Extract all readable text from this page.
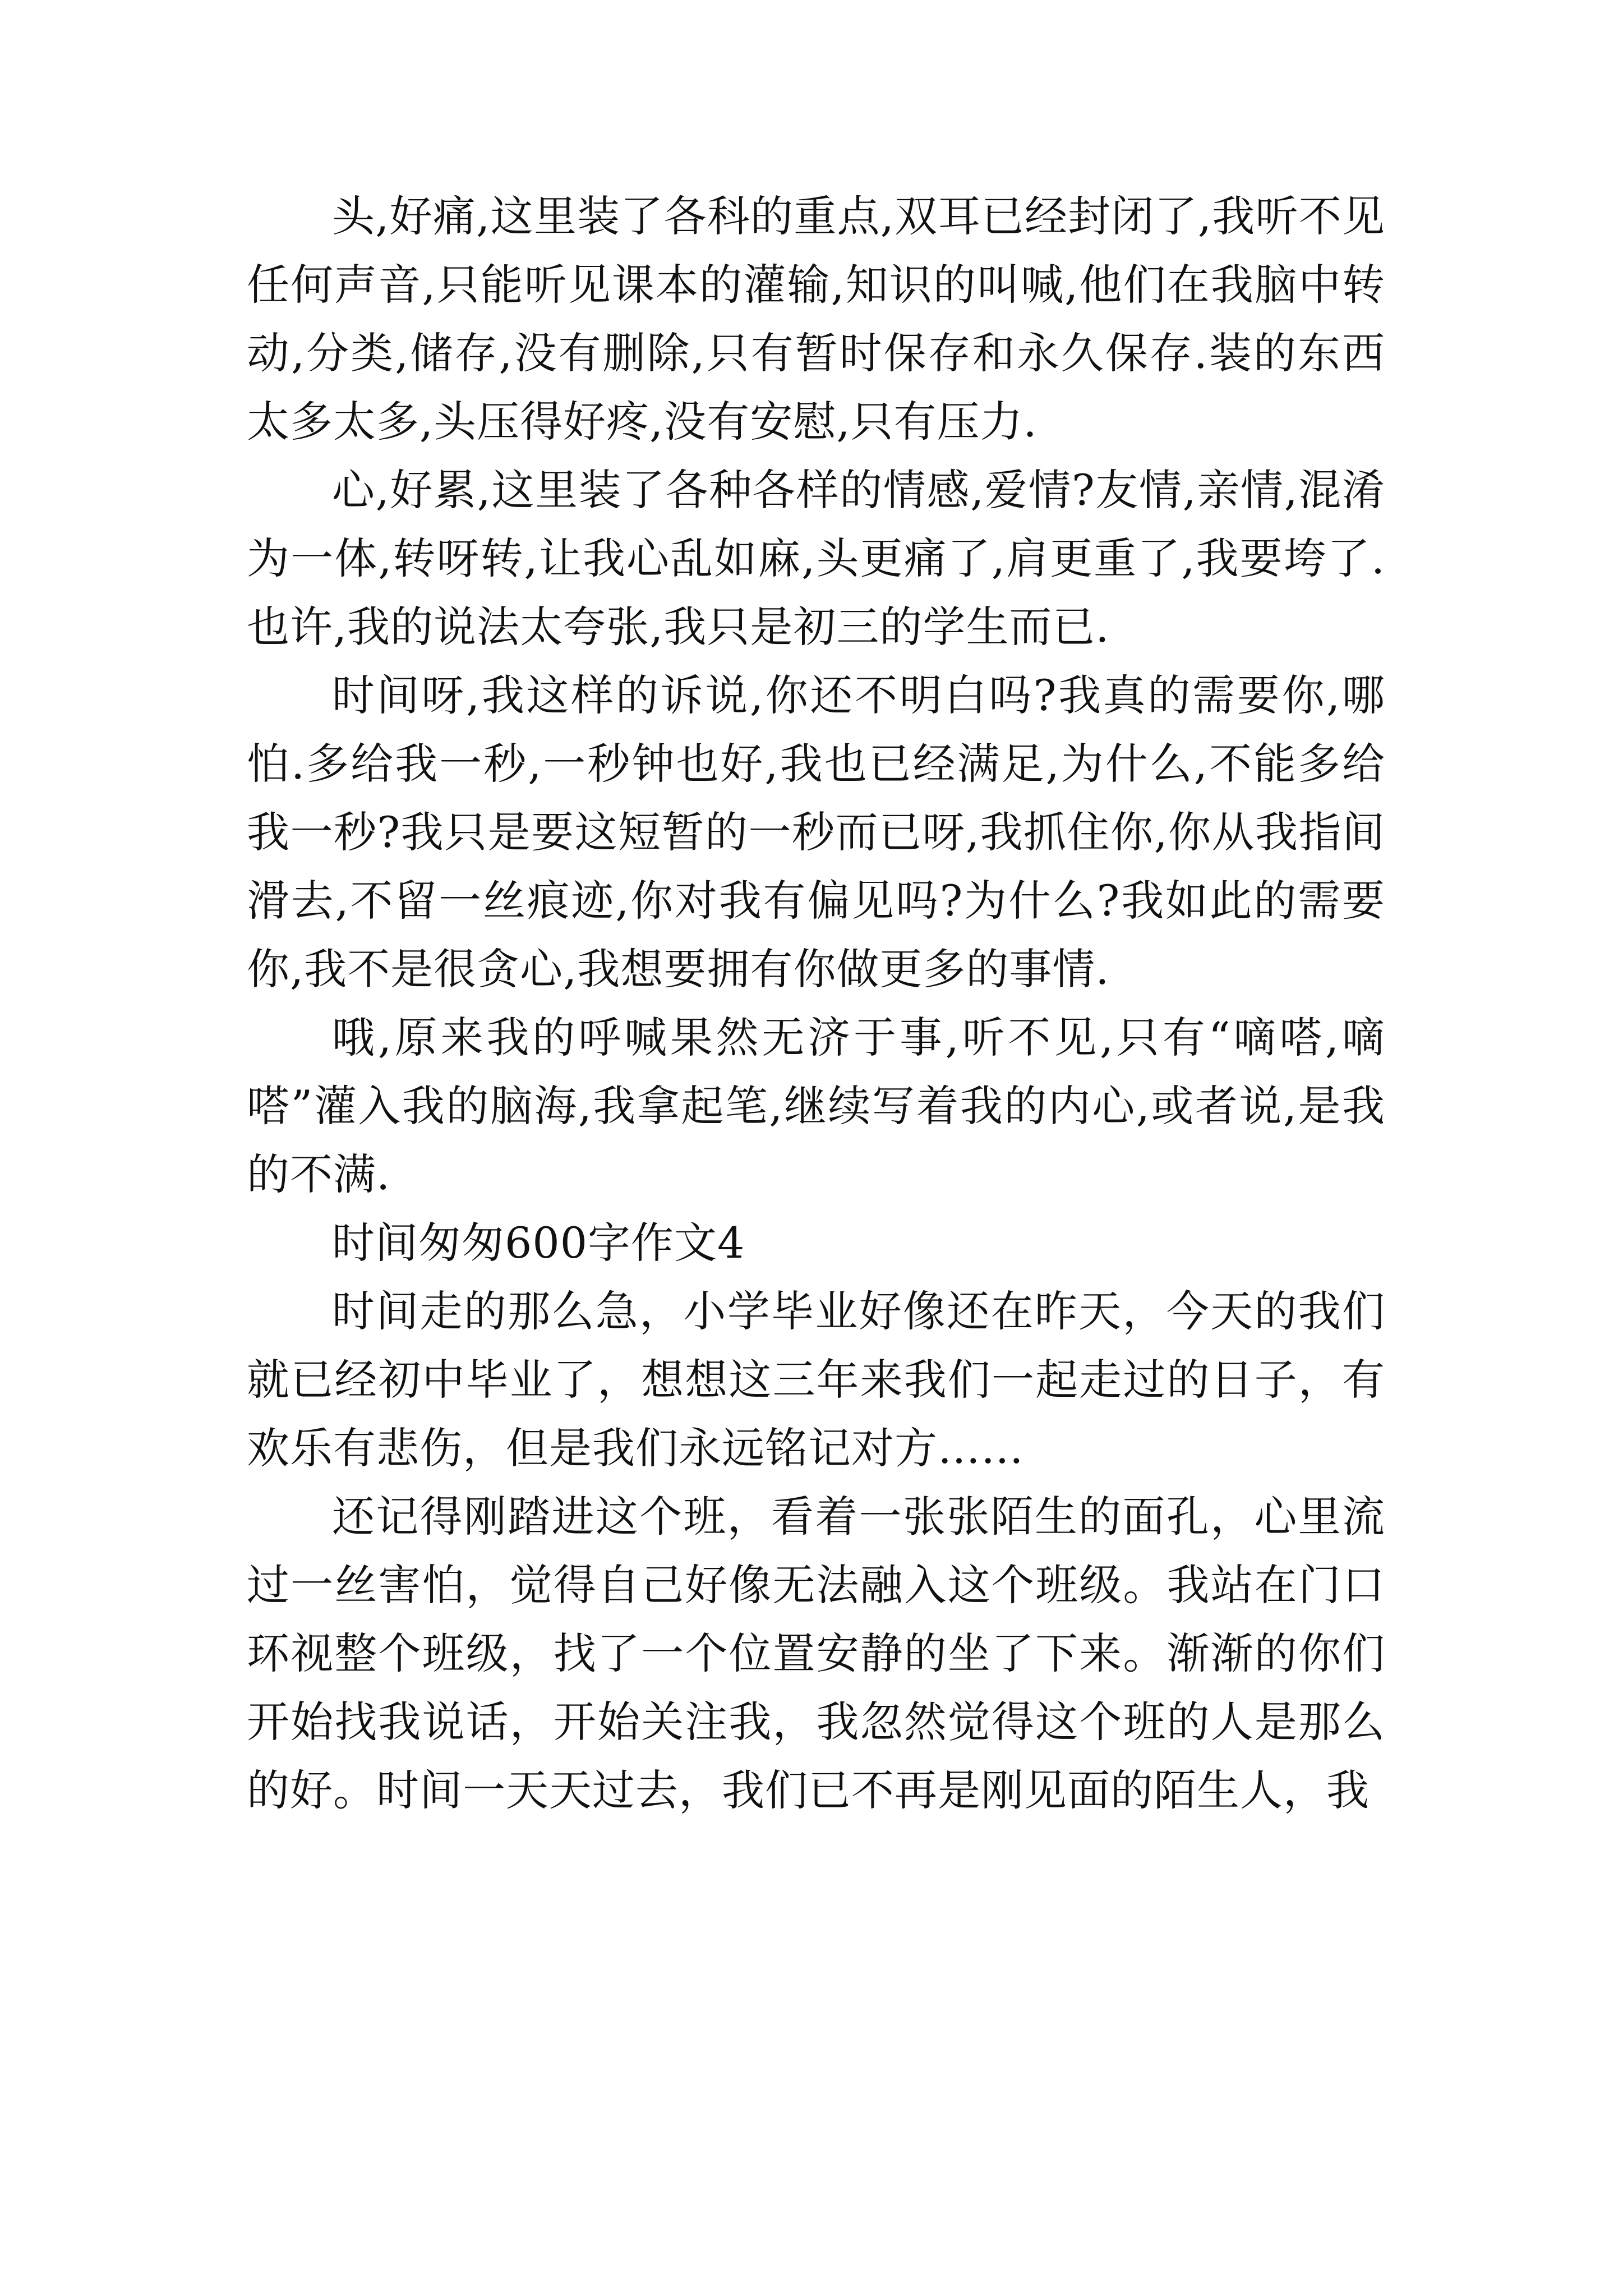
头,好痛,这里装了各科的重点,双耳已经封闭了,我听不见任何声音,只能听见课本的灌输,知识的叫喊,他们在我脑中转动,分类,储存,没有删除,只有暂时保存和永久保存.装的东西太多太多,头压得好疼,没有安慰,只有压力.

心,好累,这里装了各种各样的情感,爱情?友情,亲情,混淆为一体,转呀转,让我心乱如麻,头更痛了,肩更重了,我要垮了.也许,我的说法太夸张,我只是初三的学生而已.

时间呀,我这样的诉说,你还不明白吗?我真的需要你,哪怕.多给我一秒,一秒钟也好,我也已经满足,为什么,不能多给我一秒?我只是要这短暂的一秒而已呀,我抓住你,你从我指间滑去,不留一丝痕迹,你对我有偏见吗?为什么?我如此的需要你,我不是很贪心,我想要拥有你做更多的事情.

哦,原来我的呼喊果然无济于事,听不见,只有“嘀嗒,嘀嗒”灌入我的脑海,我拿起笔,继续写着我的内心,或者说,是我的不满.

时间匆匆600字作文4

时间走的那么急，小学毕业好像还在昨天，今天的我们就已经初中毕业了，想想这三年来我们一起走过的日子，有欢乐有悲伤，但是我们永远铭记对方……

还记得刚踏进这个班，看着一张张陌生的面孔，心里流过一丝害怕，觉得自己好像无法融入这个班级。我站在门口环视整个班级，找了一个位置安静的坐了下来。渐渐的你们开始找我说话，开始关注我，我忽然觉得这个班的人是那么的好。时间一天天过去，我们已不再是刚见面的陌生人，我
